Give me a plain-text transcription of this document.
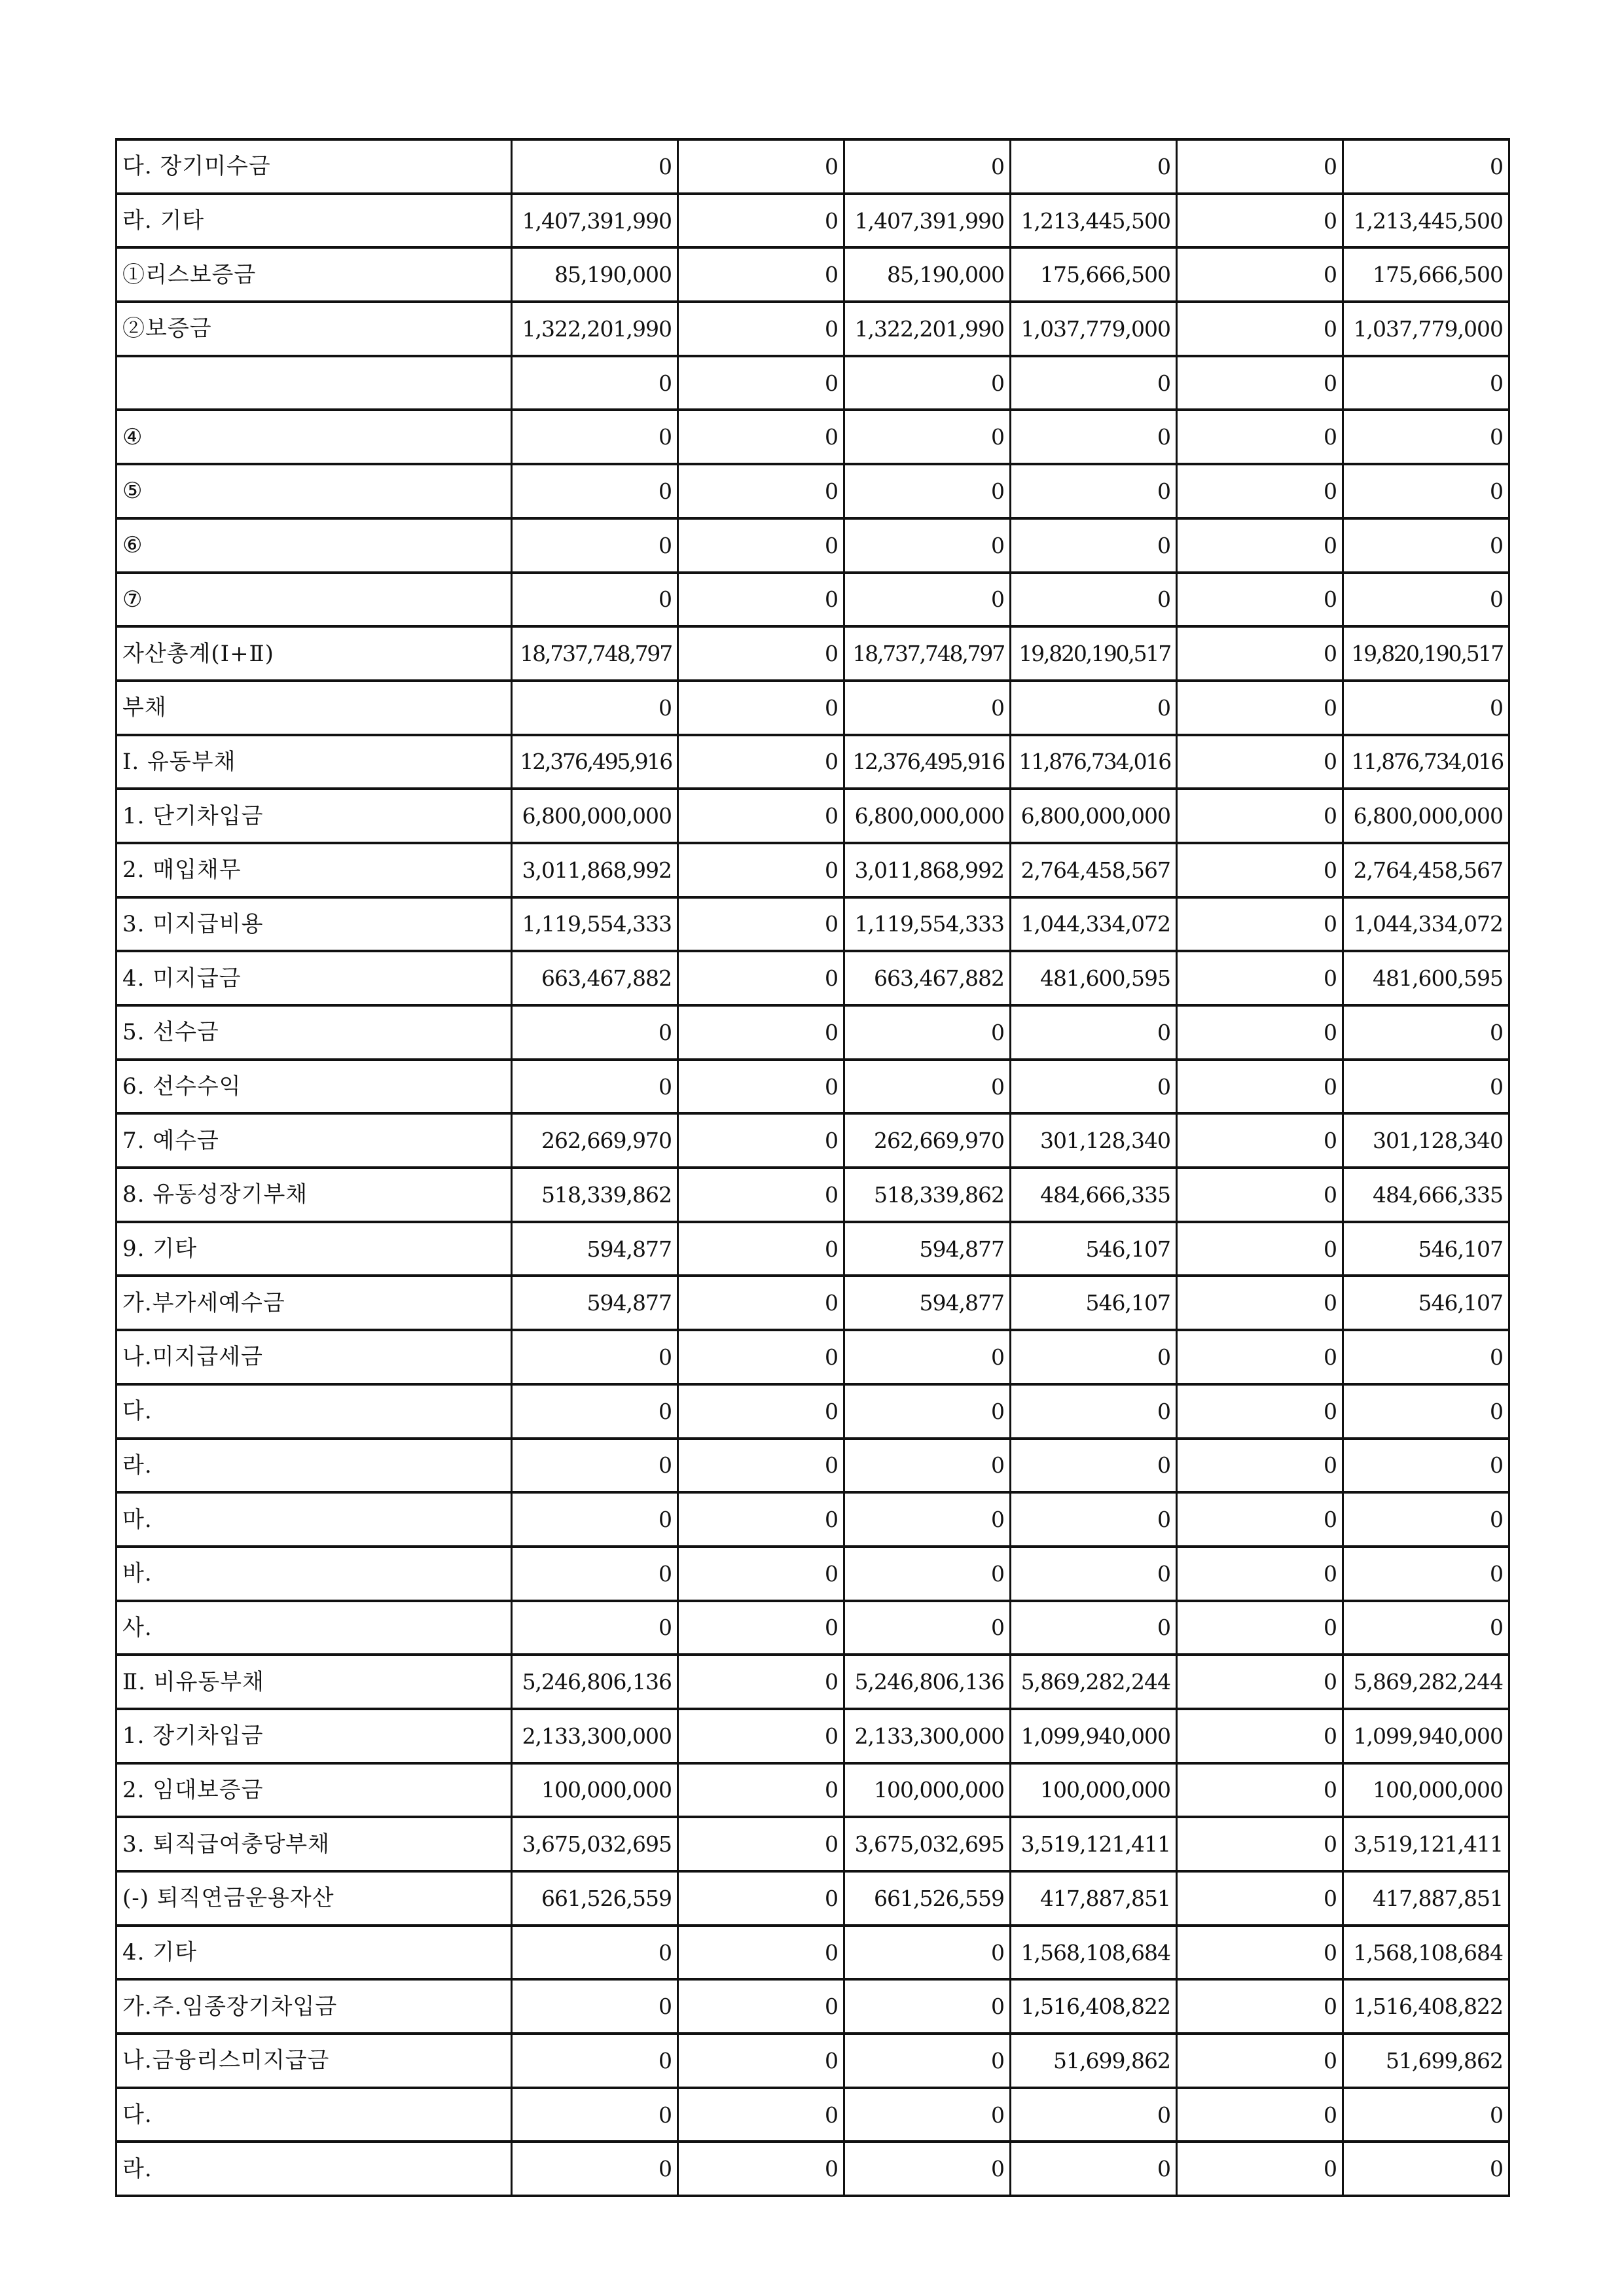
다. 장기미수금	0	0	0	0	0	0
라. 기타	1,407,391,990	0	1,407,391,990	1,213,445,500	0	1,213,445,500
①리스보증금	85,190,000	0	85,190,000	175,666,500	0	175,666,500
②보증금	1,322,201,990	0	1,322,201,990	1,037,779,000	0	1,037,779,000
	0	0	0	0	0	0
④	0	0	0	0	0	0
⑤	0	0	0	0	0	0
⑥	0	0	0	0	0	0
⑦	0	0	0	0	0	0
자산총계(Ⅰ+Ⅱ)	18,737,748,797	0	18,737,748,797	19,820,190,517	0	19,820,190,517
부채	0	0	0	0	0	0
Ⅰ. 유동부채	12,376,495,916	0	12,376,495,916	11,876,734,016	0	11,876,734,016
1. 단기차입금	6,800,000,000	0	6,800,000,000	6,800,000,000	0	6,800,000,000
2. 매입채무	3,011,868,992	0	3,011,868,992	2,764,458,567	0	2,764,458,567
3. 미지급비용	1,119,554,333	0	1,119,554,333	1,044,334,072	0	1,044,334,072
4. 미지급금	663,467,882	0	663,467,882	481,600,595	0	481,600,595
5. 선수금	0	0	0	0	0	0
6. 선수수익	0	0	0	0	0	0
7. 예수금	262,669,970	0	262,669,970	301,128,340	0	301,128,340
8. 유동성장기부채	518,339,862	0	518,339,862	484,666,335	0	484,666,335
9. 기타	594,877	0	594,877	546,107	0	546,107
가.부가세예수금	594,877	0	594,877	546,107	0	546,107
나.미지급세금	0	0	0	0	0	0
다.	0	0	0	0	0	0
라.	0	0	0	0	0	0
마.	0	0	0	0	0	0
바.	0	0	0	0	0	0
사.	0	0	0	0	0	0
Ⅱ. 비유동부채	5,246,806,136	0	5,246,806,136	5,869,282,244	0	5,869,282,244
1. 장기차입금	2,133,300,000	0	2,133,300,000	1,099,940,000	0	1,099,940,000
2. 임대보증금	100,000,000	0	100,000,000	100,000,000	0	100,000,000
3. 퇴직급여충당부채	3,675,032,695	0	3,675,032,695	3,519,121,411	0	3,519,121,411
(-) 퇴직연금운용자산	661,526,559	0	661,526,559	417,887,851	0	417,887,851
4. 기타	0	0	0	1,568,108,684	0	1,568,108,684
가.주.임종장기차입금	0	0	0	1,516,408,822	0	1,516,408,822
나.금융리스미지급금	0	0	0	51,699,862	0	51,699,862
다.	0	0	0	0	0	0
라.	0	0	0	0	0	0
